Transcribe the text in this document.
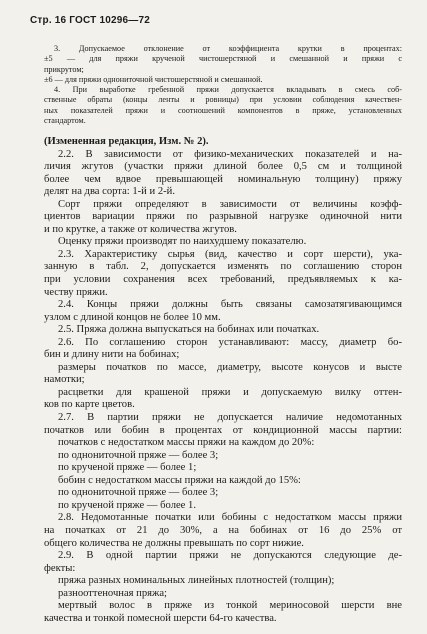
Стр. 16 ГОСТ 10296—72
3. Допускаемое отклонение от коэффициента крутки в процентах:
±5 — для пряжи крученой чистошерстяной и смешанной и пряжи с
прикрутом;
±6 — для пряжи однониточной чистошерстяной и смешанной.
4. При выработке гребенной пряжи допускается вкладывать в смесь соб-
ственные обраты (концы ленты и ровницы) при условии соблюдения качествен-
ных показателей пряжи и соотношений компонентов в пряже, установленных
стандартом.
(Измененная редакция, Изм. № 2).
2.2. В зависимости от физико-механических показателей и на-
личия жгутов (участки пряжи длиной более 0,5 см и толщиной
более чем вдвое превышающей номинальную толщину) пряжу
делят на два сорта: 1-й и 2-й.
Сорт пряжи определяют в зависимости от величины коэфф-
циентов вариации пряжи по разрывной нагрузке одиночной нити
и по крутке, а также от количества жгутов.
Оценку пряжи производят по наихудшему показателю.
2.3. Характеристику сырья (вид, качество и сорт шерсти), ука-
занную в табл. 2, допускается изменять по соглашению сторон
при условии сохранения всех требований, предъявляемых к ка-
честву пряжи.
2.4. Концы пряжи должны быть связаны самозатягивающимся
узлом с длиной концов не более 10 мм.
2.5. Пряжа должна выпускаться на бобинах или початках.
2.6. По соглашению сторон устанавливают: массу, диаметр бо-
бин и длину нити на бобинах;
размеры початков по массе, диаметру, высоте конусов и высте
намотки;
расцветки для крашеной пряжи и допускаемую вилку оттен-
ков по карте цветов.
2.7. В партии пряжи не допускается наличие недомотанных
початков или бобин в процентах от кондиционной массы партии:
початков с недостатком массы пряжи на каждом до 20%:
по однониточной пряже — более 3;
по крученой пряже — более 1;
бобин с недостатком массы пряжи на каждой до 15%:
по однониточной пряже — более 3;
по крученой пряже — более 1.
2.8. Недомотанные початки или бобины с недостатком массы пряжи
на початках от 21 до 30%, а на бобинах от 16 до 25% от
общего количества не должны превышать по сорт нижие.
2.9. В одной партии пряжи не допускаются следующие де-
фекты:
пряжа разных номинальных линейных плотностей (толщин);
разнооттеночная пряжа;
мертвый волос в пряже из тонкой мериносовой шерсти вне
качества и тонкой помесной шерсти 64-го качества.
